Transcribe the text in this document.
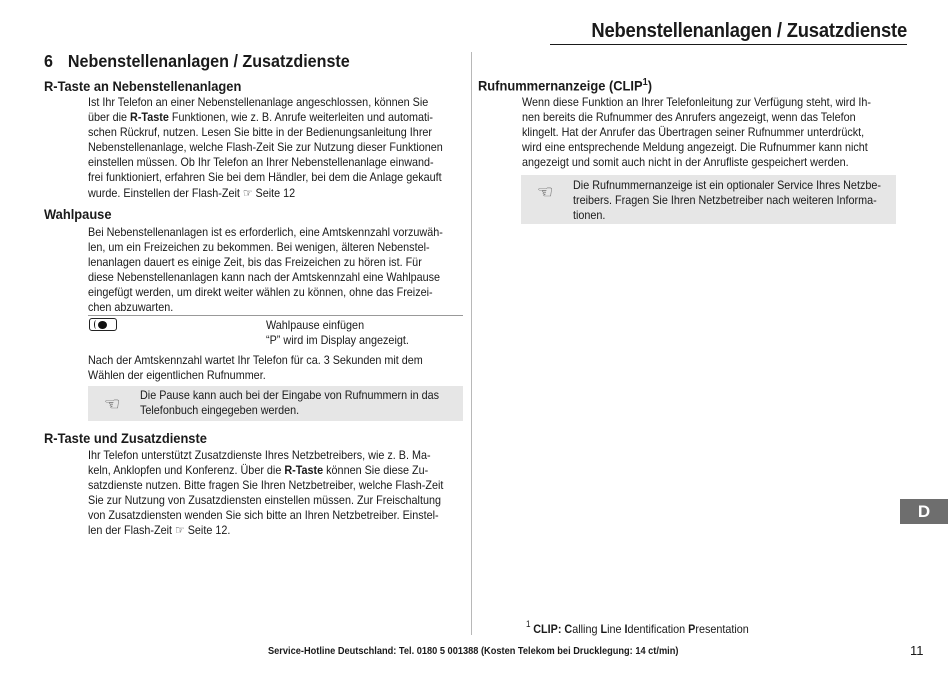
Nebenstellenanlagen / Zusatzdienste
6 Nebenstellenanlagen / Zusatzdienste
R-Taste an Nebenstellenanlagen
Ist Ihr Telefon an einer Nebenstellenanlage angeschlossen, können Sie
über die R-Taste Funktionen, wie z. B. Anrufe weiterleiten und automati-
schen Rückruf, nutzen. Lesen Sie bitte in der Bedienungsanleitung Ihrer
Nebenstellenanlage, welche Flash-Zeit Sie zur Nutzung dieser Funktionen
einstellen müssen. Ob Ihr Telefon an Ihrer Nebenstellenanlage einwand-
frei funktioniert, erfahren Sie bei dem Händler, bei dem die Anlage gekauft
wurde. Einstellen der Flash-Zeit ☞ Seite 12
Wahlpause
Bei Nebenstellenanlagen ist es erforderlich, eine Amtskennzahl vorzuwäh-
len, um ein Freizeichen zu bekommen. Bei wenigen, älteren Nebenstel-
lenanlagen dauert es einige Zeit, bis das Freizeichen zu hören ist. Für
diese Nebenstellenanlagen kann nach der Amtskennzahl eine Wahlpause
eingefügt werden, um direkt weiter wählen zu können, ohne das Freizei-
chen abzuwarten.
Wahlpause einfügen
“P” wird im Display angezeigt.
Nach der Amtskennzahl wartet Ihr Telefon für ca. 3 Sekunden mit dem
Wählen der eigentlichen Rufnummer.
☜ Die Pause kann auch bei der Eingabe von Rufnummern in das
Telefonbuch eingegeben werden.
R-Taste und Zusatzdienste
Ihr Telefon unterstützt Zusatzdienste Ihres Netzbetreibers, wie z. B. Ma-
keln, Anklopfen und Konferenz. Über die R-Taste können Sie diese Zu-
satzdienste nutzen. Bitte fragen Sie Ihren Netzbetreiber, welche Flash-Zeit
Sie zur Nutzung von Zusatzdiensten einstellen müssen. Zur Freischaltung
von Zusatzdiensten wenden Sie sich bitte an Ihren Netzbetreiber. Einstel-
len der Flash-Zeit ☞ Seite 12.
Rufnummernanzeige (CLIP$^1$)
Wenn diese Funktion an Ihrer Telefonleitung zur Verfügung steht, wird Ih-
nen bereits die Rufnummer des Anrufers angezeigt, wenn das Telefon
klingelt. Hat der Anrufer das Übertragen seiner Rufnummer unterdrückt,
wird eine entsprechende Meldung angezeigt. Die Rufnummer kann nicht
angezeigt und somit auch nicht in der Anrufliste gespeichert werden.
☜ Die Rufnummernanzeige ist ein optionaler Service Ihres Netzbe-
treibers. Fragen Sie Ihren Netzbetreiber nach weiteren Informa-
tionen.
D
$^1$ CLIP: Calling Line Identification Presentation
Service-Hotline Deutschland: Tel. 0180 5 001388 (Kosten Telekom bei Drucklegung: 14 ct/min)	11
